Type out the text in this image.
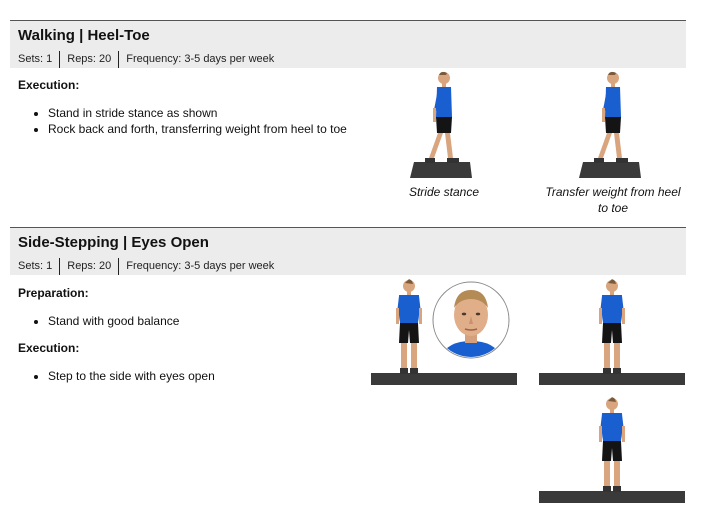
Walking | Heel-Toe
Sets: 1	Reps: 20	Frequency: 3-5 days per week
Execution:
• Stand in stride stance as shown
• Rock back and forth, transferring weight from heel to toe
Stride stance	Transfer weight from heel to toe
Side-Stepping | Eyes Open
Sets: 1	Reps: 20	Frequency: 3-5 days per week
Preparation:
• Stand with good balance
Execution:
• Step to the side with eyes open
